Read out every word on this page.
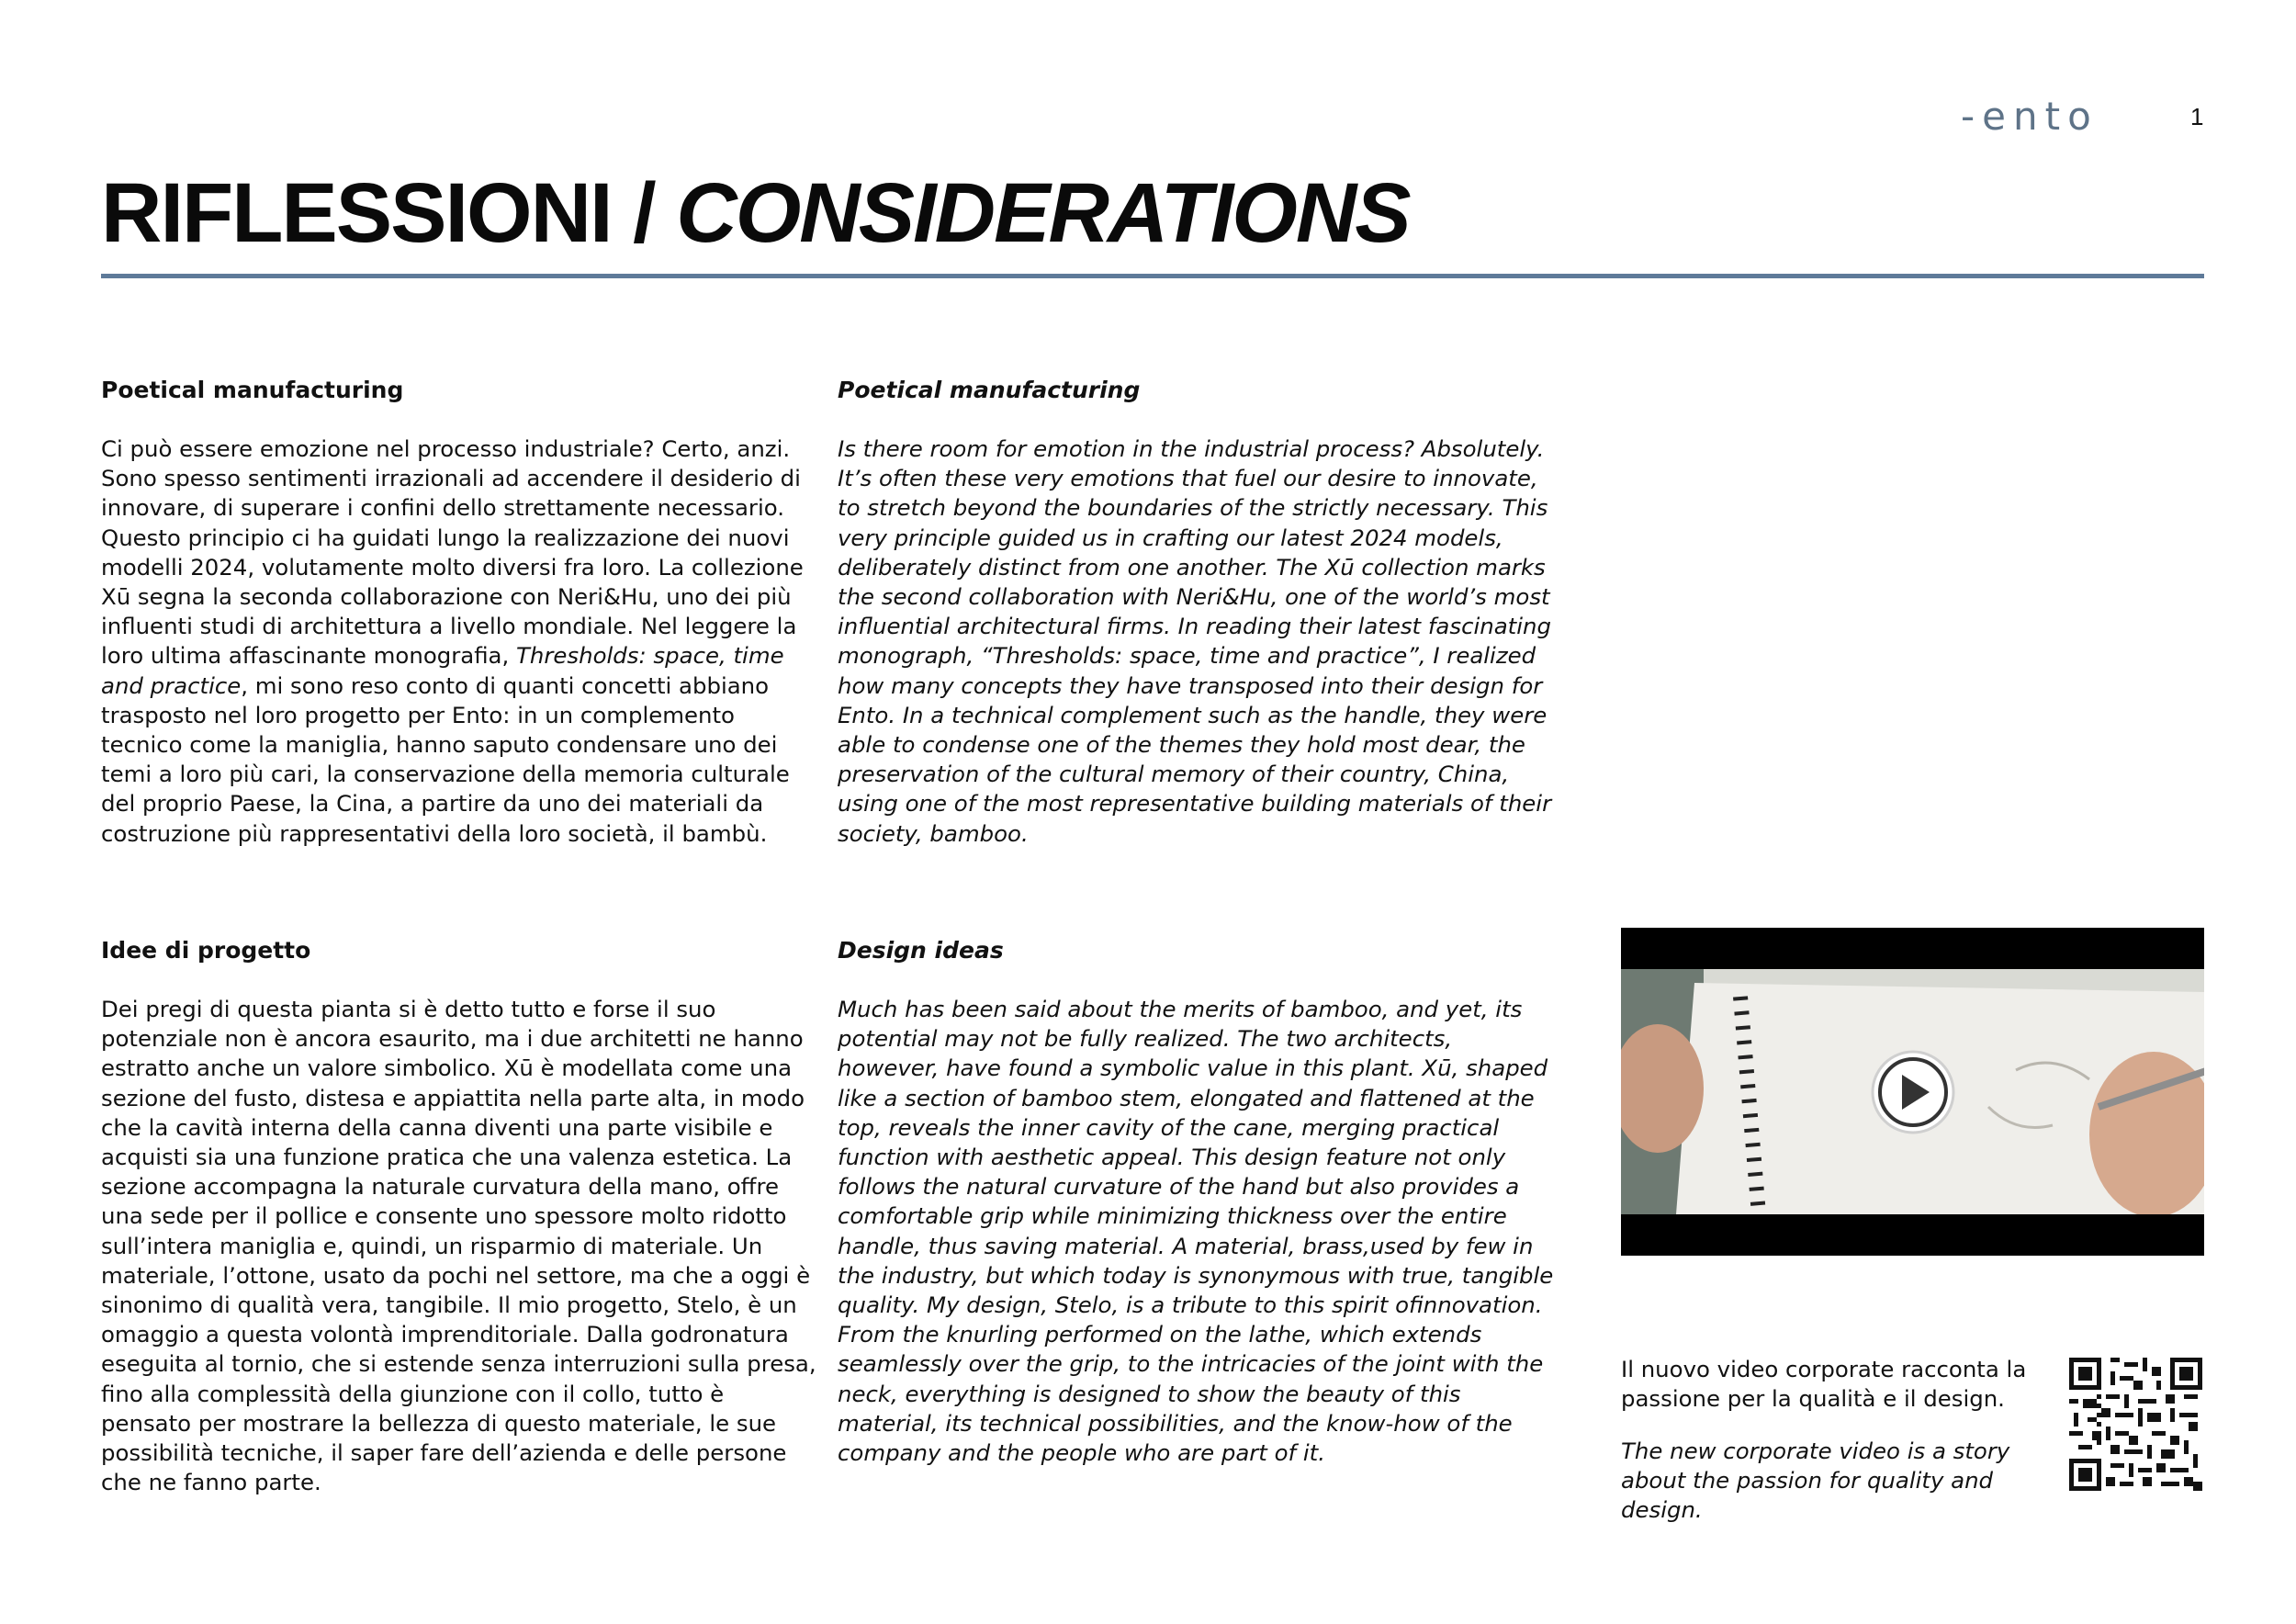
-ento	1
RIFLESSIONI / CONSIDERATIONS
Poetical manufacturing

Ci può essere emozione nel processo industriale? Certo, anzi. Sono spesso sentimenti irrazionali ad accendere il desiderio di innovare, di superare i confini dello strettamente necessario. Questo principio ci ha guidati lungo la realizzazione dei nuovi modelli 2024, volutamente molto diversi fra loro. La collezione Xū segna la seconda collaborazione con Neri&Hu, uno dei più influenti studi di architettura a livello mondiale. Nel leggere la loro ultima affascinante monografia, Thresholds: space, time and practice, mi sono reso conto di quanti concetti abbiano trasposto nel loro progetto per Ento: in un complemento tecnico come la maniglia, hanno saputo condensare uno dei temi a loro più cari, la conservazione della memoria culturale del proprio Paese, la Cina, a partire da uno dei materiali da costruzione più rappresentativi della loro società, il bambù.

Poetical manufacturing

Is there room for emotion in the industrial process? Absolutely. It’s often these very emotions that fuel our desire to innovate, to stretch beyond the boundaries of the strictly necessary. This very principle guided us in crafting our latest 2024 models, deliberately distinct from one another. The Xū collection marks the second collaboration with Neri&Hu, one of the world’s most influential architectural firms. In reading their latest fascinating monograph, “Thresholds: space, time and practice”, I realized how many concepts they have transposed into their design for Ento. In a technical complement such as the handle, they were able to condense one of the themes they hold most dear, the preservation of the cultural memory of their country, China, using one of the most representative building materials of their society, bamboo.

Idee di progetto

Dei pregi di questa pianta si è detto tutto e forse il suo potenziale non è ancora esaurito, ma i due architetti ne hanno estratto anche un valore simbolico. Xū è modellata come una sezione del fusto, distesa e appiattita nella parte alta, in modo che la cavità interna della canna diventi una parte visibile e acquisti sia una funzione pratica che una valenza estetica. La sezione accompagna la naturale curvatura della mano, offre una sede per il pollice e consente uno spessore molto ridotto sull’intera maniglia e, quindi, un risparmio di materiale. Un materiale, l’ottone, usato da pochi nel settore, ma che a oggi è sinonimo di qualità vera, tangibile. Il mio progetto, Stelo, è un omaggio a questa volontà imprenditoriale. Dalla godronatura eseguita al tornio, che si estende senza interruzioni sulla presa, fino alla complessità della giunzione con il collo, tutto è pensato per mostrare la bellezza di questo materiale, le sue possibilità tecniche, il saper fare dell’azienda e delle persone che ne fanno parte.

Design ideas

Much has been said about the merits of bamboo, and yet, its potential may not be fully realized. The two architects, however, have found a symbolic value in this plant. Xū, shaped like a section of bamboo stem, elongated and flattened at the top, reveals the inner cavity of the cane, merging practical function with aesthetic appeal. This design feature not only follows the natural curvature of the hand but also provides a comfortable grip while minimizing thickness over the entire handle, thus saving material. A material, brass,used by few in the industry, but which today is synonymous with true, tangible quality. My design, Stelo, is a tribute to this spirit ofinnovation. From the knurling performed on the lathe, which extends seamlessly over the grip, to the intricacies of the joint with the neck, everything is designed to show the beauty of this material, its technical possibilities, and the know-how of the company and the people who are part of it.

Il nuovo video corporate racconta la passione per la qualità e il design.

The new corporate video is a story about the passion for quality and design.
